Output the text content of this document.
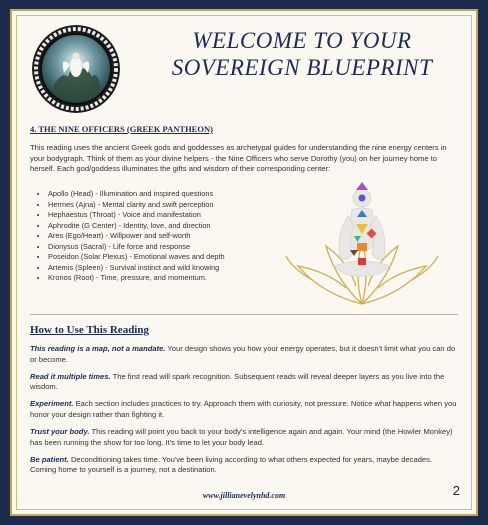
WELCOME TO YOUR
SOVEREIGN BLUEPRINT
4. THE NINE OFFICERS (GREEK PANTHEON)
This reading uses the ancient Greek gods and goddesses as archetypal guides for understanding the nine energy centers in your bodygraph. Think of them as your divine helpers - the Nine Officers who serve Dorothy (you) on her journey home to herself. Each god/goddess illuminates the gifts and wisdom of their corresponding center:
• Apollo (Head) - Illumination and inspired questions
• Hermes (Ajna) - Mental clarity and swift perception
• Hephaestus (Throat) - Voice and manifestation
• Aphrodite (G Center) - Identity, love, and direction
• Ares (Ego/Heart) - Willpower and self-worth
• Dionysus (Sacral) - Life force and response
• Poseidon (Solar Plexus) - Emotional waves and depth
• Artemis (Spleen) - Survival instinct and wild knowing
• Kronos (Root) - Time, pressure, and momentum.
How to Use This Reading

This reading is a map, not a mandate. Your design shows you how your energy operates, but it doesn't limit what you can do or become.

Read it multiple times. The first read will spark recognition. Subsequent reads will reveal deeper layers as you live into the wisdom.

Experiment. Each section includes practices to try. Approach them with curiosity, not pressure. Notice what happens when you honor your design rather than fighting it.

Trust your body. This reading will point you back to your body's intelligence again and again. Your mind (the Howler Monkey) has been running the show for too long. It's time to let your body lead.

Be patient. Deconditioning takes time. You've been living according to what others expected for years, maybe decades. Coming home to yourself is a journey, not a destination.

www.jillianevelynhd.com	2
